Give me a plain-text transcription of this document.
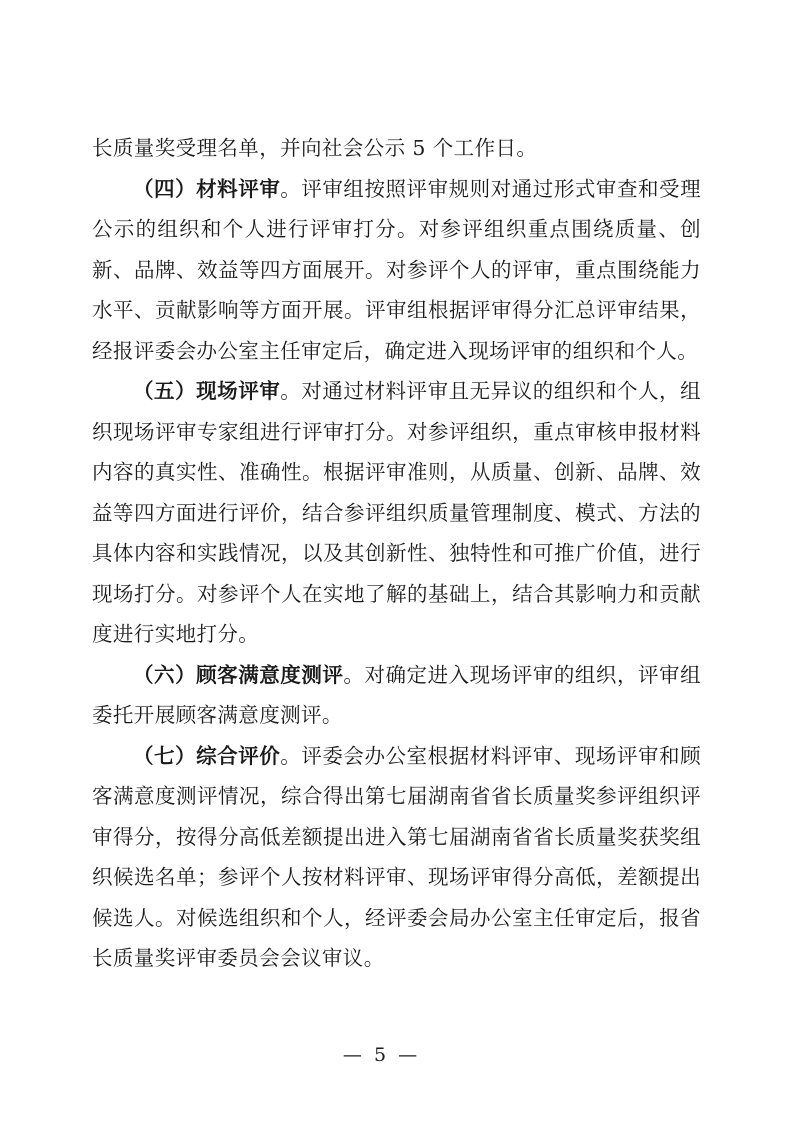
长质量奖受理名单，并向社会公示 5 个工作日。

（四）材料评审。评审组按照评审规则对通过形式审查和受理公示的组织和个人进行评审打分。对参评组织重点围绕质量、创新、品牌、效益等四方面展开。对参评个人的评审，重点围绕能力水平、贡献影响等方面开展。评审组根据评审得分汇总评审结果，经报评委会办公室主任审定后，确定进入现场评审的组织和个人。

（五）现场评审。对通过材料评审且无异议的组织和个人，组织现场评审专家组进行评审打分。对参评组织，重点审核申报材料内容的真实性、准确性。根据评审准则，从质量、创新、品牌、效益等四方面进行评价，结合参评组织质量管理制度、模式、方法的具体内容和实践情况，以及其创新性、独特性和可推广价值，进行现场打分。对参评个人在实地了解的基础上，结合其影响力和贡献度进行实地打分。

（六）顾客满意度测评。对确定进入现场评审的组织，评审组委托开展顾客满意度测评。

（七）综合评价。评委会办公室根据材料评审、现场评审和顾客满意度测评情况，综合得出第七届湖南省省长质量奖参评组织评审得分，按得分高低差额提出进入第七届湖南省省长质量奖获奖组织候选名单；参评个人按材料评审、现场评审得分高低，差额提出候选人。对候选组织和个人，经评委会局办公室主任审定后，报省长质量奖评审委员会会议审议。

— 5 —
